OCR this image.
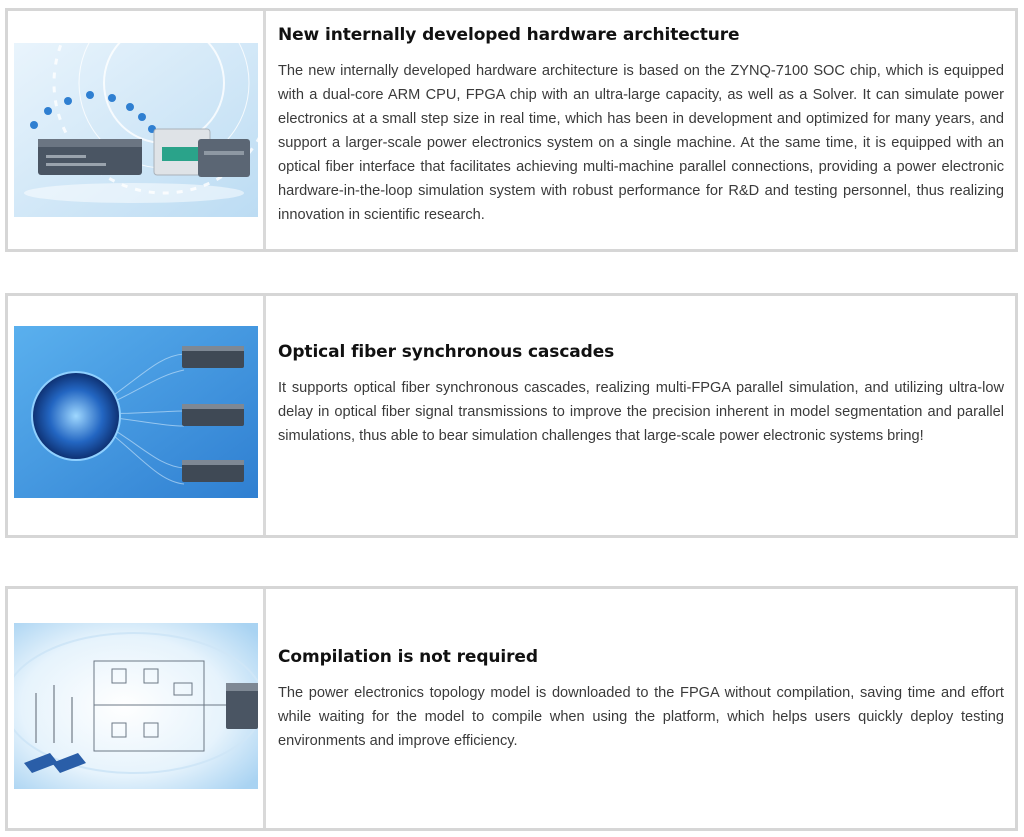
New internally developed hardware architecture

The new internally developed hardware architecture is based on the ZYNQ-7100 SOC chip, which is equipped with a dual-core ARM CPU, FPGA chip with an ultra-large capacity, as well as a Solver. It can simulate power electronics at a small step size in real time, which has been in development and optimized for many years, and support a larger-scale power electronics system on a single machine. At the same time, it is equipped with an optical fiber interface that facilitates achieving multi-machine parallel connections, providing a power electronic hardware-in-the-loop simulation system with robust performance for R&D and testing personnel, thus realizing innovation in scientific research.

Optical fiber synchronous cascades

It supports optical fiber synchronous cascades, realizing multi-FPGA parallel simulation, and utilizing ultra-low delay in optical fiber signal transmissions to improve the precision inherent in model segmentation and parallel simulations, thus able to bear simulation challenges that large-scale power electronic systems bring!

Compilation is not required

The power electronics topology model is downloaded to the FPGA without compilation, saving time and effort while waiting for the model to compile when using the platform, which helps users quickly deploy testing environments and improve efficiency.
